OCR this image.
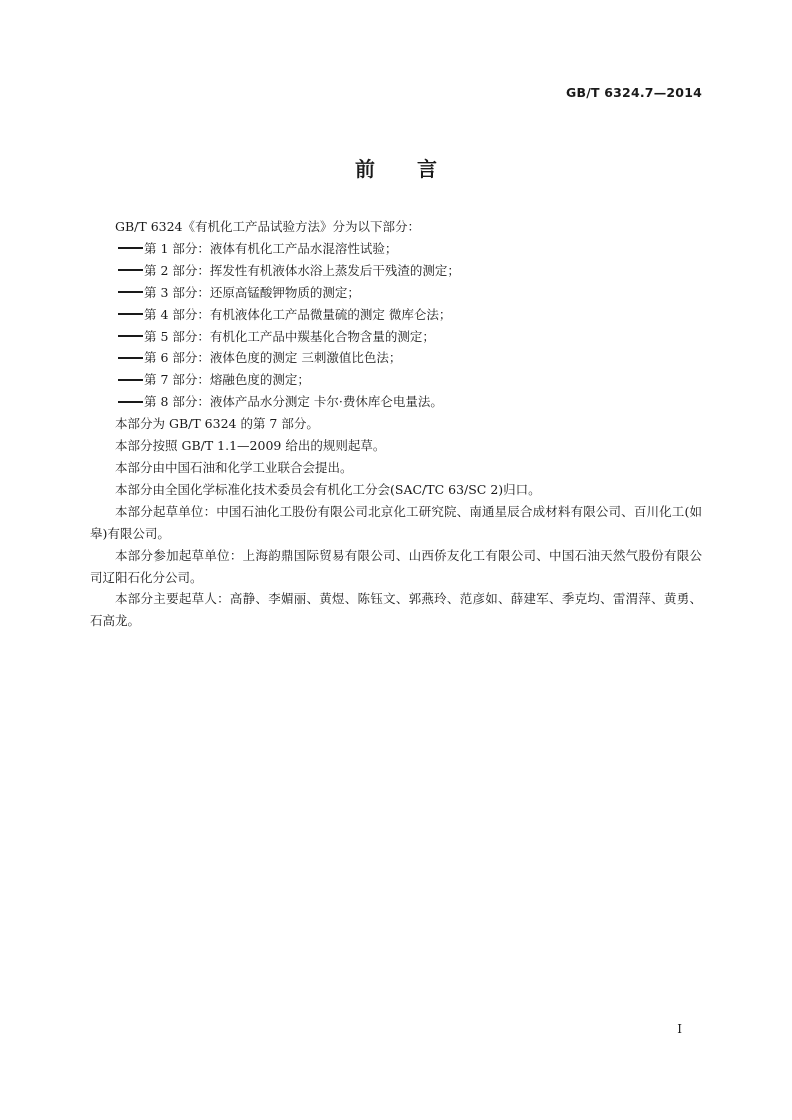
GB/T 6324.7—2014
前言

GB/T 6324《有机化工产品试验方法》分为以下部分：

第 1 部分：液体有机化工产品水混溶性试验；

第 2 部分：挥发性有机液体水浴上蒸发后干残渣的测定；

第 3 部分：还原高锰酸钾物质的测定；

第 4 部分：有机液体化工产品微量硫的测定 微库仑法；

第 5 部分：有机化工产品中羰基化合物含量的测定；

第 6 部分：液体色度的测定 三刺激值比色法；

第 7 部分：熔融色度的测定；

第 8 部分：液体产品水分测定 卡尔·费休库仑电量法。

本部分为 GB/T 6324 的第 7 部分。

本部分按照 GB/T 1.1—2009 给出的规则起草。

本部分由中国石油和化学工业联合会提出。

本部分由全国化学标准化技术委员会有机化工分会(SAC/TC 63/SC 2)归口。

本部分起草单位：中国石油化工股份有限公司北京化工研究院、南通星辰合成材料有限公司、百川化工(如皋)有限公司。

本部分参加起草单位：上海韵鼎国际贸易有限公司、山西侨友化工有限公司、中国石油天然气股份有限公司辽阳石化分公司。

本部分主要起草人：高静、李媚丽、黄煜、陈钰文、郭燕玲、范彦如、薛建军、季克均、雷渭萍、黄勇、石高龙。

I
